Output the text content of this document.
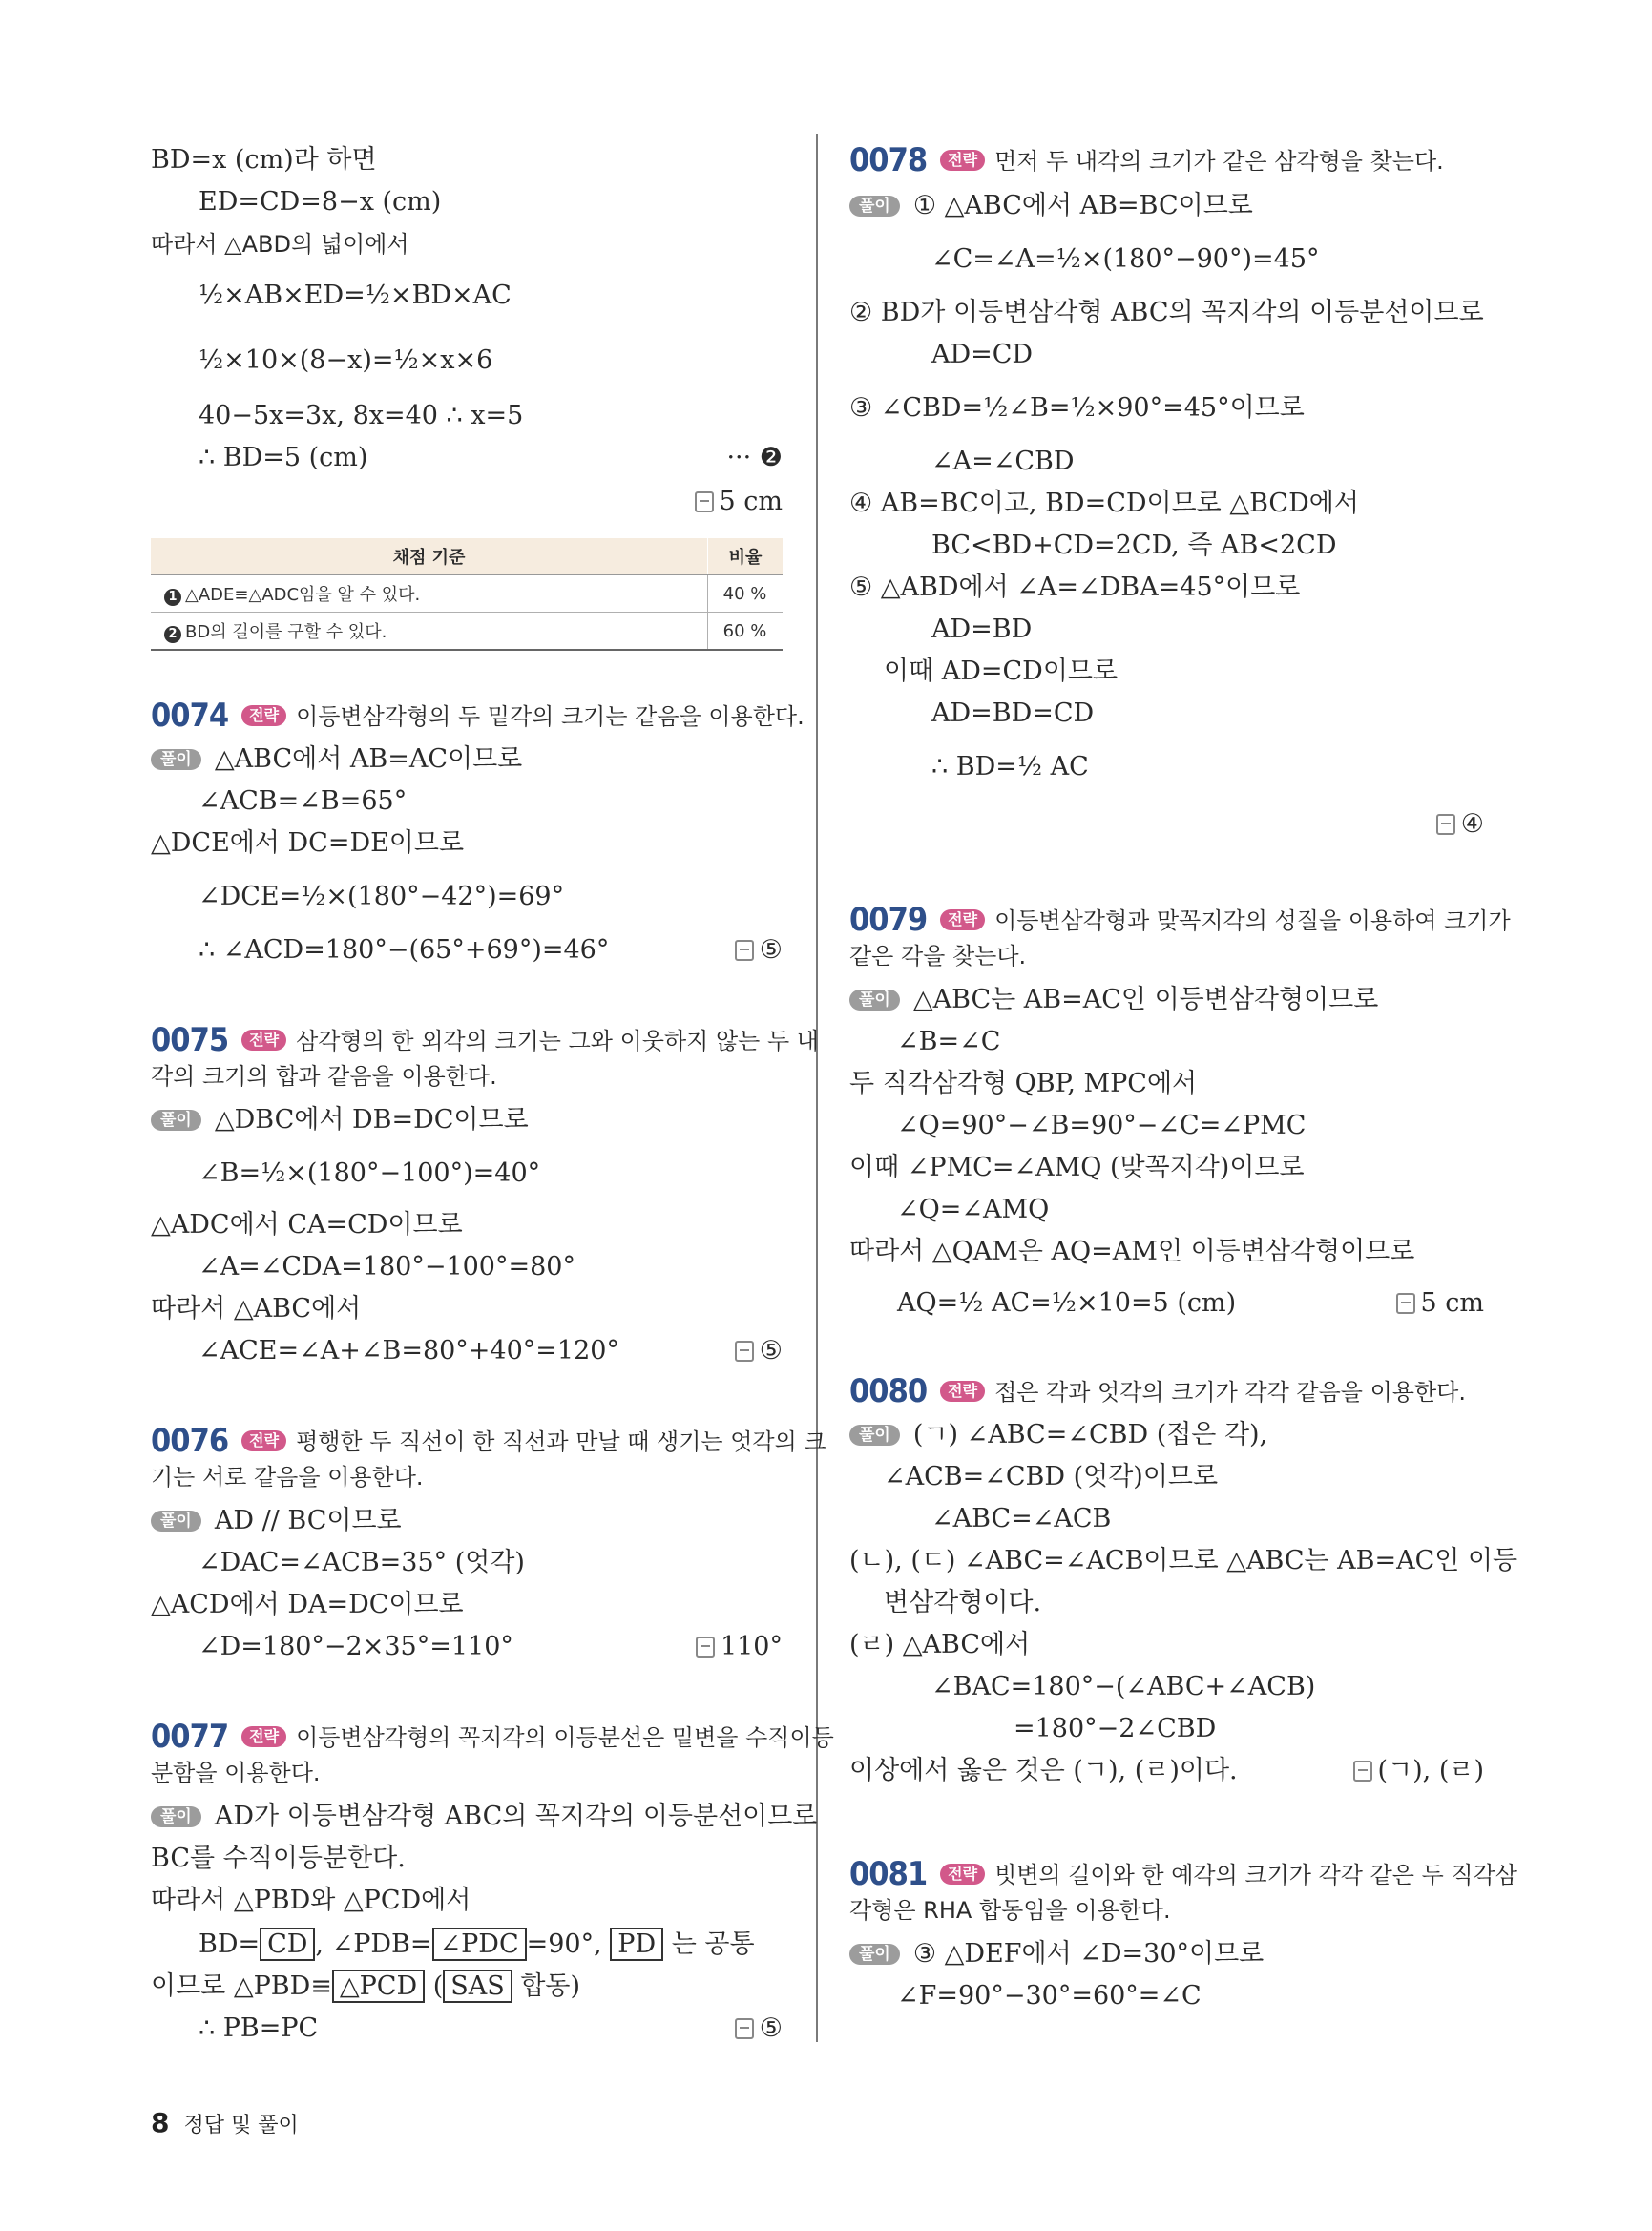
BD=x (cm)라 하면
ED=CD=8−x (cm)
따라서 △ABD의 넓이에서
½×AB×ED=½×BD×AC
½×10×(8−x)=½×x×6
40−5x=3x, 8x=40 ∴ x=5
∴ BD=5 (cm)	··· ❷
5 cm
채점 기준	비율
1 △ADE≡△ADC임을 알 수 있다.	40 %
2 BD의 길이를 구할 수 있다.	60 %
0074 전략 이등변삼각형의 두 밑각의 크기는 같음을 이용한다.
풀이 △ABC에서 AB=AC이므로
∠ACB=∠B=65°
△DCE에서 DC=DE이므로
∠DCE=½×(180°−42°)=69°
∴ ∠ACD=180°−(65°+69°)=46°	⑤
0075 전략 삼각형의 한 외각의 크기는 그와 이웃하지 않는 두 내
각의 크기의 합과 같음을 이용한다.
풀이 △DBC에서 DB=DC이므로
∠B=½×(180°−100°)=40°
△ADC에서 CA=CD이므로
∠A=∠CDA=180°−100°=80°
따라서 △ABC에서
∠ACE=∠A+∠B=80°+40°=120°	⑤
0076 전략 평행한 두 직선이 한 직선과 만날 때 생기는 엇각의 크
기는 서로 같음을 이용한다.
풀이 AD // BC이므로
∠DAC=∠ACB=35° (엇각)
△ACD에서 DA=DC이므로
∠D=180°−2×35°=110°	110°
0077 전략 이등변삼각형의 꼭지각의 이등분선은 밑변을 수직이등
분함을 이용한다.
풀이 AD가 이등변삼각형 ABC의 꼭지각의 이등분선이므로
BC를 수직이등분한다.
따라서 △PBD와 △PCD에서
BD= CD , ∠PDB= ∠PDC =90°, PD 는 공통
이므로 △PBD≡ △PCD ( SAS 합동)
∴ PB=PC	⑤
0078 전략 먼저 두 내각의 크기가 같은 삼각형을 찾는다.
풀이 ① △ABC에서 AB=BC이므로
∠C=∠A=½×(180°−90°)=45°
② BD가 이등변삼각형 ABC의 꼭지각의 이등분선이므로
AD=CD
③ ∠CBD=½∠B=½×90°=45°이므로
∠A=∠CBD
④ AB=BC이고, BD=CD이므로 △BCD에서
BC<BD+CD=2CD, 즉 AB<2CD
⑤ △ABD에서 ∠A=∠DBA=45°이므로
AD=BD
이때 AD=CD이므로
AD=BD=CD
∴ BD=½ AC
④
0079 전략 이등변삼각형과 맞꼭지각의 성질을 이용하여 크기가
같은 각을 찾는다.
풀이 △ABC는 AB=AC인 이등변삼각형이므로
∠B=∠C
두 직각삼각형 QBP, MPC에서
∠Q=90°−∠B=90°−∠C=∠PMC
이때 ∠PMC=∠AMQ (맞꼭지각)이므로
∠Q=∠AMQ
따라서 △QAM은 AQ=AM인 이등변삼각형이므로
AQ=½ AC=½×10=5 (cm)	5 cm
0080 전략 접은 각과 엇각의 크기가 각각 같음을 이용한다.
풀이 (ㄱ) ∠ABC=∠CBD (접은 각),
∠ACB=∠CBD (엇각)이므로
∠ABC=∠ACB
(ㄴ), (ㄷ) ∠ABC=∠ACB이므로 △ABC는 AB=AC인 이등
변삼각형이다.
(ㄹ) △ABC에서
∠BAC=180°−(∠ABC+∠ACB)
=180°−2∠CBD
이상에서 옳은 것은 (ㄱ), (ㄹ)이다.	(ㄱ), (ㄹ)
0081 전략 빗변의 길이와 한 예각의 크기가 각각 같은 두 직각삼
각형은 RHA 합동임을 이용한다.
풀이 ③ △DEF에서 ∠D=30°이므로
∠F=90°−30°=60°=∠C
8 정답 및 풀이
